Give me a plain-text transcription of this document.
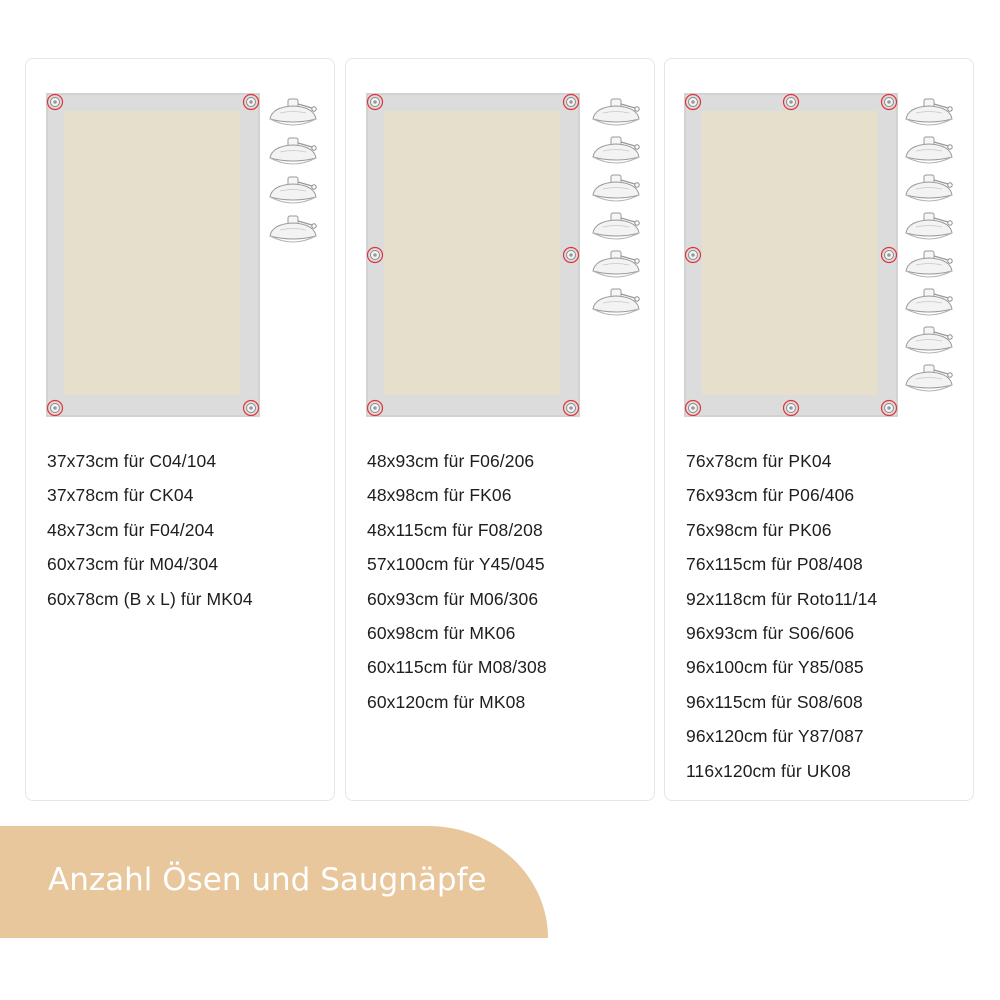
37x73cm für C04/104
37x78cm für CK04
48x73cm für F04/204
60x73cm für M04/304
60x78cm (B x L) für MK04
48x93cm für F06/206
48x98cm für FK06
48x115cm für F08/208
57x100cm für Y45/045
60x93cm für M06/306
60x98cm für MK06
60x115cm für M08/308
60x120cm für MK08
76x78cm für PK04
76x93cm für P06/406
76x98cm für PK06
76x115cm für P08/408
92x118cm für Roto11/14
96x93cm für S06/606
96x100cm für Y85/085
96x115cm für S08/608
96x120cm für Y87/087
116x120cm für UK08
Anzahl Ösen und Saugnäpfe
